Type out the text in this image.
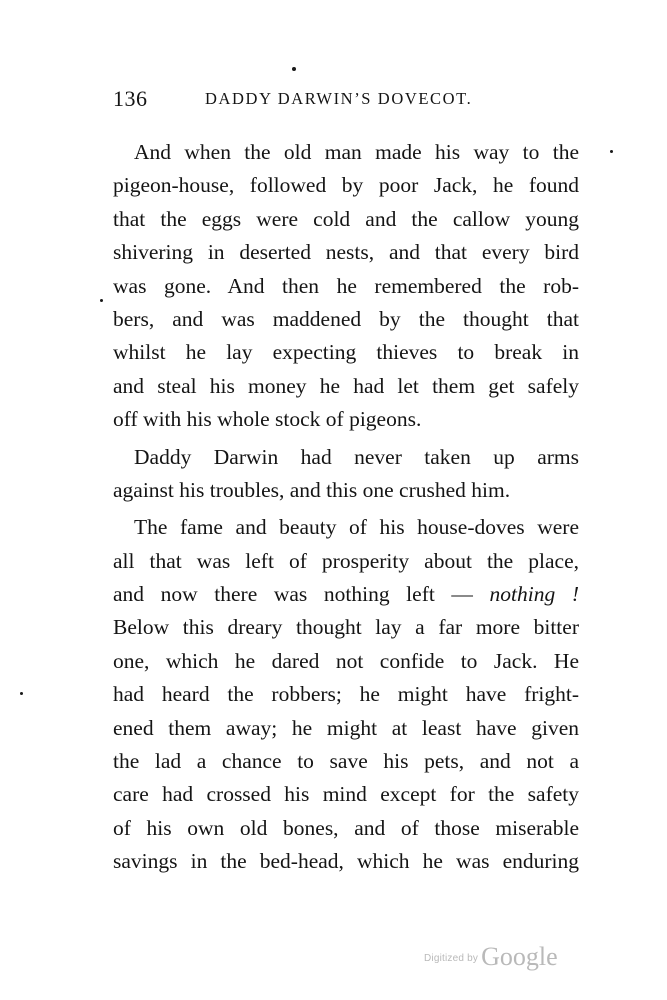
136	DADDY DARWIN’S DOVECOT.
And when the old man made his way to the
pigeon-house, followed by poor Jack, he found
that the eggs were cold and the callow young
shivering in deserted nests, and that every bird
was gone. And then he remembered the rob-
bers, and was maddened by the thought that
whilst he lay expecting thieves to break in
and steal his money he had let them get safely
off with his whole stock of pigeons.
Daddy Darwin had never taken up arms
against his troubles, and this one crushed him.
The fame and beauty of his house-doves were
all that was left of prosperity about the place,
and now there was nothing left — nothing !
Below this dreary thought lay a far more bitter
one, which he dared not confide to Jack. He
had heard the robbers; he might have fright-
ened them away; he might at least have given
the lad a chance to save his pets, and not a
care had crossed his mind except for the safety
of his own old bones, and of those miserable
savings in the bed-head, which he was enduring
$^{Digitized by}$ Google
